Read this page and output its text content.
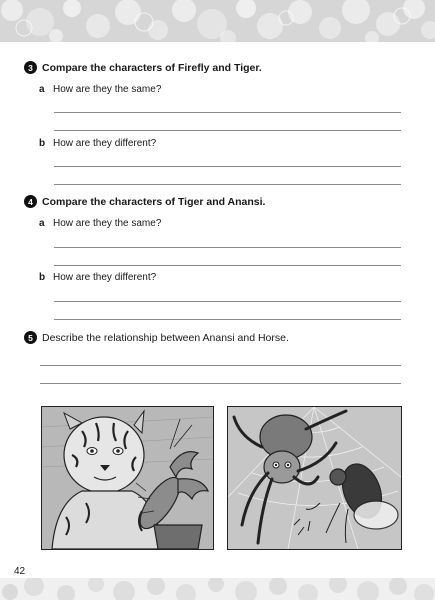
3 Compare the characters of Firefly and Tiger.
a How are they the same?
b How are they different?
4 Compare the characters of Tiger and Anansi.
a How are they the same?
b How are they different?
5 Describe the relationship between Anansi and Horse.
42
